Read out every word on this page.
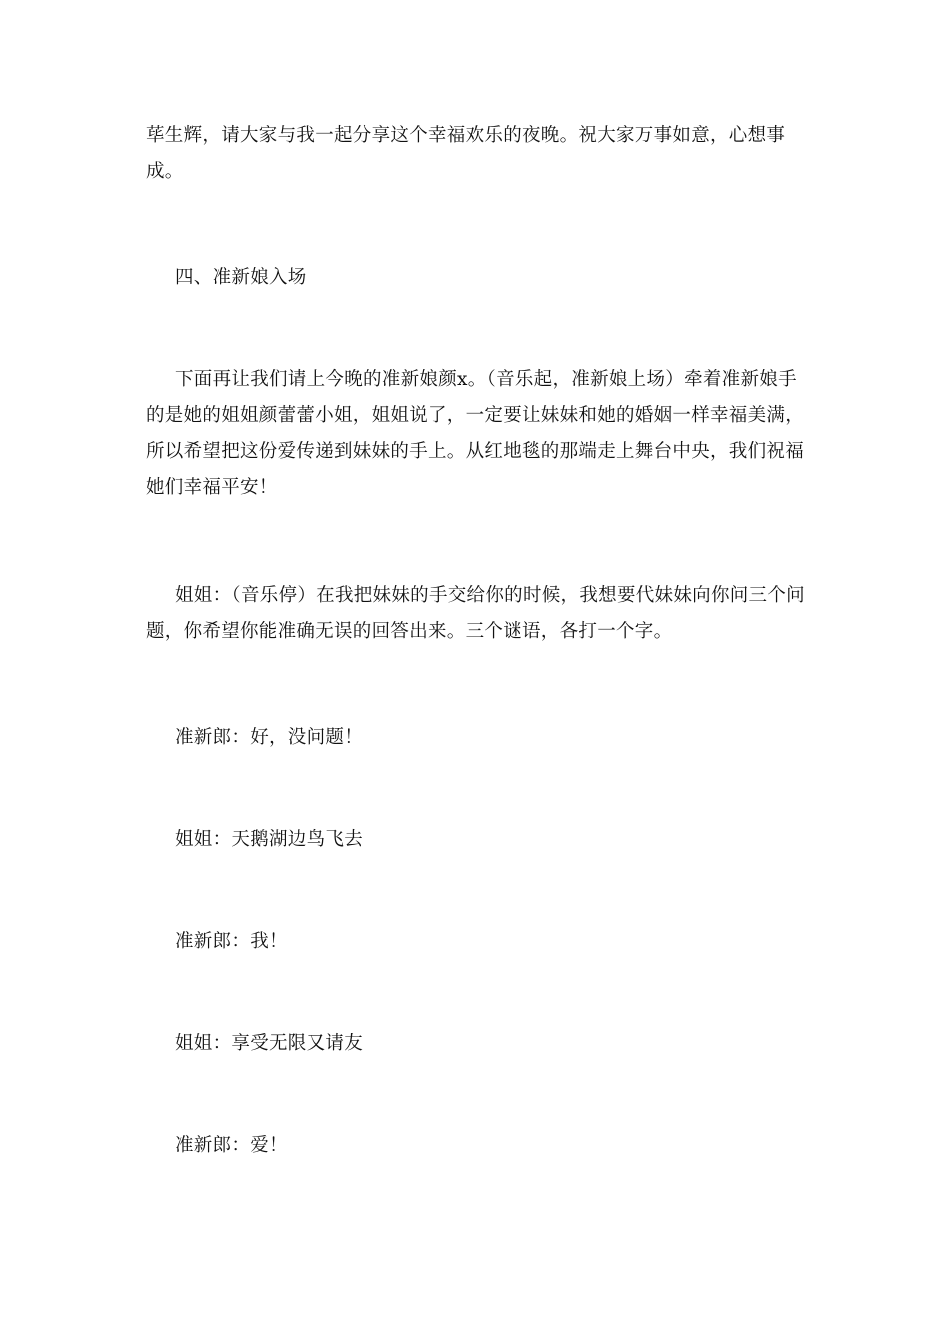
荜生辉，请大家与我一起分享这个幸福欢乐的夜晚。祝大家万事如意，心想事成。

四、准新娘入场

下面再让我们请上今晚的准新娘颜x。（音乐起，准新娘上场）牵着准新娘手的是她的姐姐颜蕾蕾小姐，姐姐说了，一定要让妹妹和她的婚姻一样幸福美满，所以希望把这份爱传递到妹妹的手上。从红地毯的那端走上舞台中央，我们祝福她们幸福平安！

姐姐：（音乐停）在我把妹妹的手交给你的时候，我想要代妹妹向你问三个问题，你希望你能准确无误的回答出来。三个谜语，各打一个字。

准新郎：好，没问题！

姐姐：天鹅湖边鸟飞去

准新郎：我！

姐姐：享受无限又请友

准新郎：爱！
